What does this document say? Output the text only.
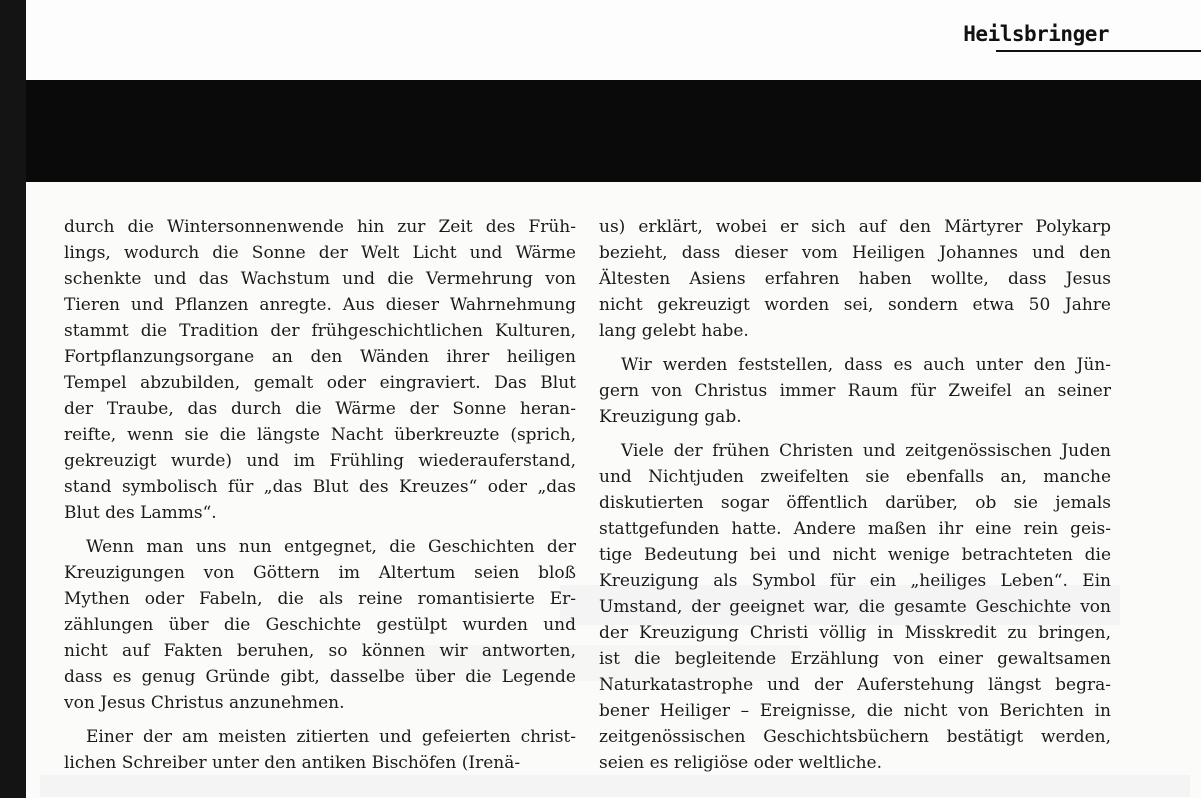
Heilsbringer
durch die Wintersonnenwende hin zur Zeit des Früh-
lings, wodurch die Sonne der Welt Licht und Wärme
schenkte und das Wachstum und die Vermehrung von
Tieren und Pflanzen anregte. Aus dieser Wahrnehmung
stammt die Tradition der frühgeschichtlichen Kulturen,
Fortpflanzungsorgane an den Wänden ihrer heiligen
Tempel abzubilden, gemalt oder eingraviert. Das Blut
der Traube, das durch die Wärme der Sonne heran-
reifte, wenn sie die längste Nacht überkreuzte (sprich,
gekreuzigt wurde) und im Frühling wiederauferstand,
stand symbolisch für „das Blut des Kreuzes“ oder „das
Blut des Lamms“.
Wenn man uns nun entgegnet, die Geschichten der
Kreuzigungen von Göttern im Altertum seien bloß
Mythen oder Fabeln, die als reine romantisierte Er-
zählungen über die Geschichte gestülpt wurden und
nicht auf Fakten beruhen, so können wir antworten,
dass es genug Gründe gibt, dasselbe über die Legende
von Jesus Christus anzunehmen.
Einer der am meisten zitierten und gefeierten christ-
lichen Schreiber unter den antiken Bischöfen (Irenä-
us) erklärt, wobei er sich auf den Märtyrer Polykarp
bezieht, dass dieser vom Heiligen Johannes und den
Ältesten Asiens erfahren haben wollte, dass Jesus
nicht gekreuzigt worden sei, sondern etwa 50 Jahre
lang gelebt habe.
Wir werden feststellen, dass es auch unter den Jün-
gern von Christus immer Raum für Zweifel an seiner
Kreuzigung gab.
Viele der frühen Christen und zeitgenössischen Juden
und Nichtjuden zweifelten sie ebenfalls an, manche
diskutierten sogar öffentlich darüber, ob sie jemals
stattgefunden hatte. Andere maßen ihr eine rein geis-
tige Bedeutung bei und nicht wenige betrachteten die
Kreuzigung als Symbol für ein „heiliges Leben“. Ein
Umstand, der geeignet war, die gesamte Geschichte von
der Kreuzigung Christi völlig in Misskredit zu bringen,
ist die begleitende Erzählung von einer gewaltsamen
Naturkatastrophe und der Auferstehung längst begra-
bener Heiliger – Ereignisse, die nicht von Berichten in
zeitgenössischen Geschichtsbüchern bestätigt werden,
seien es religiöse oder weltliche.
